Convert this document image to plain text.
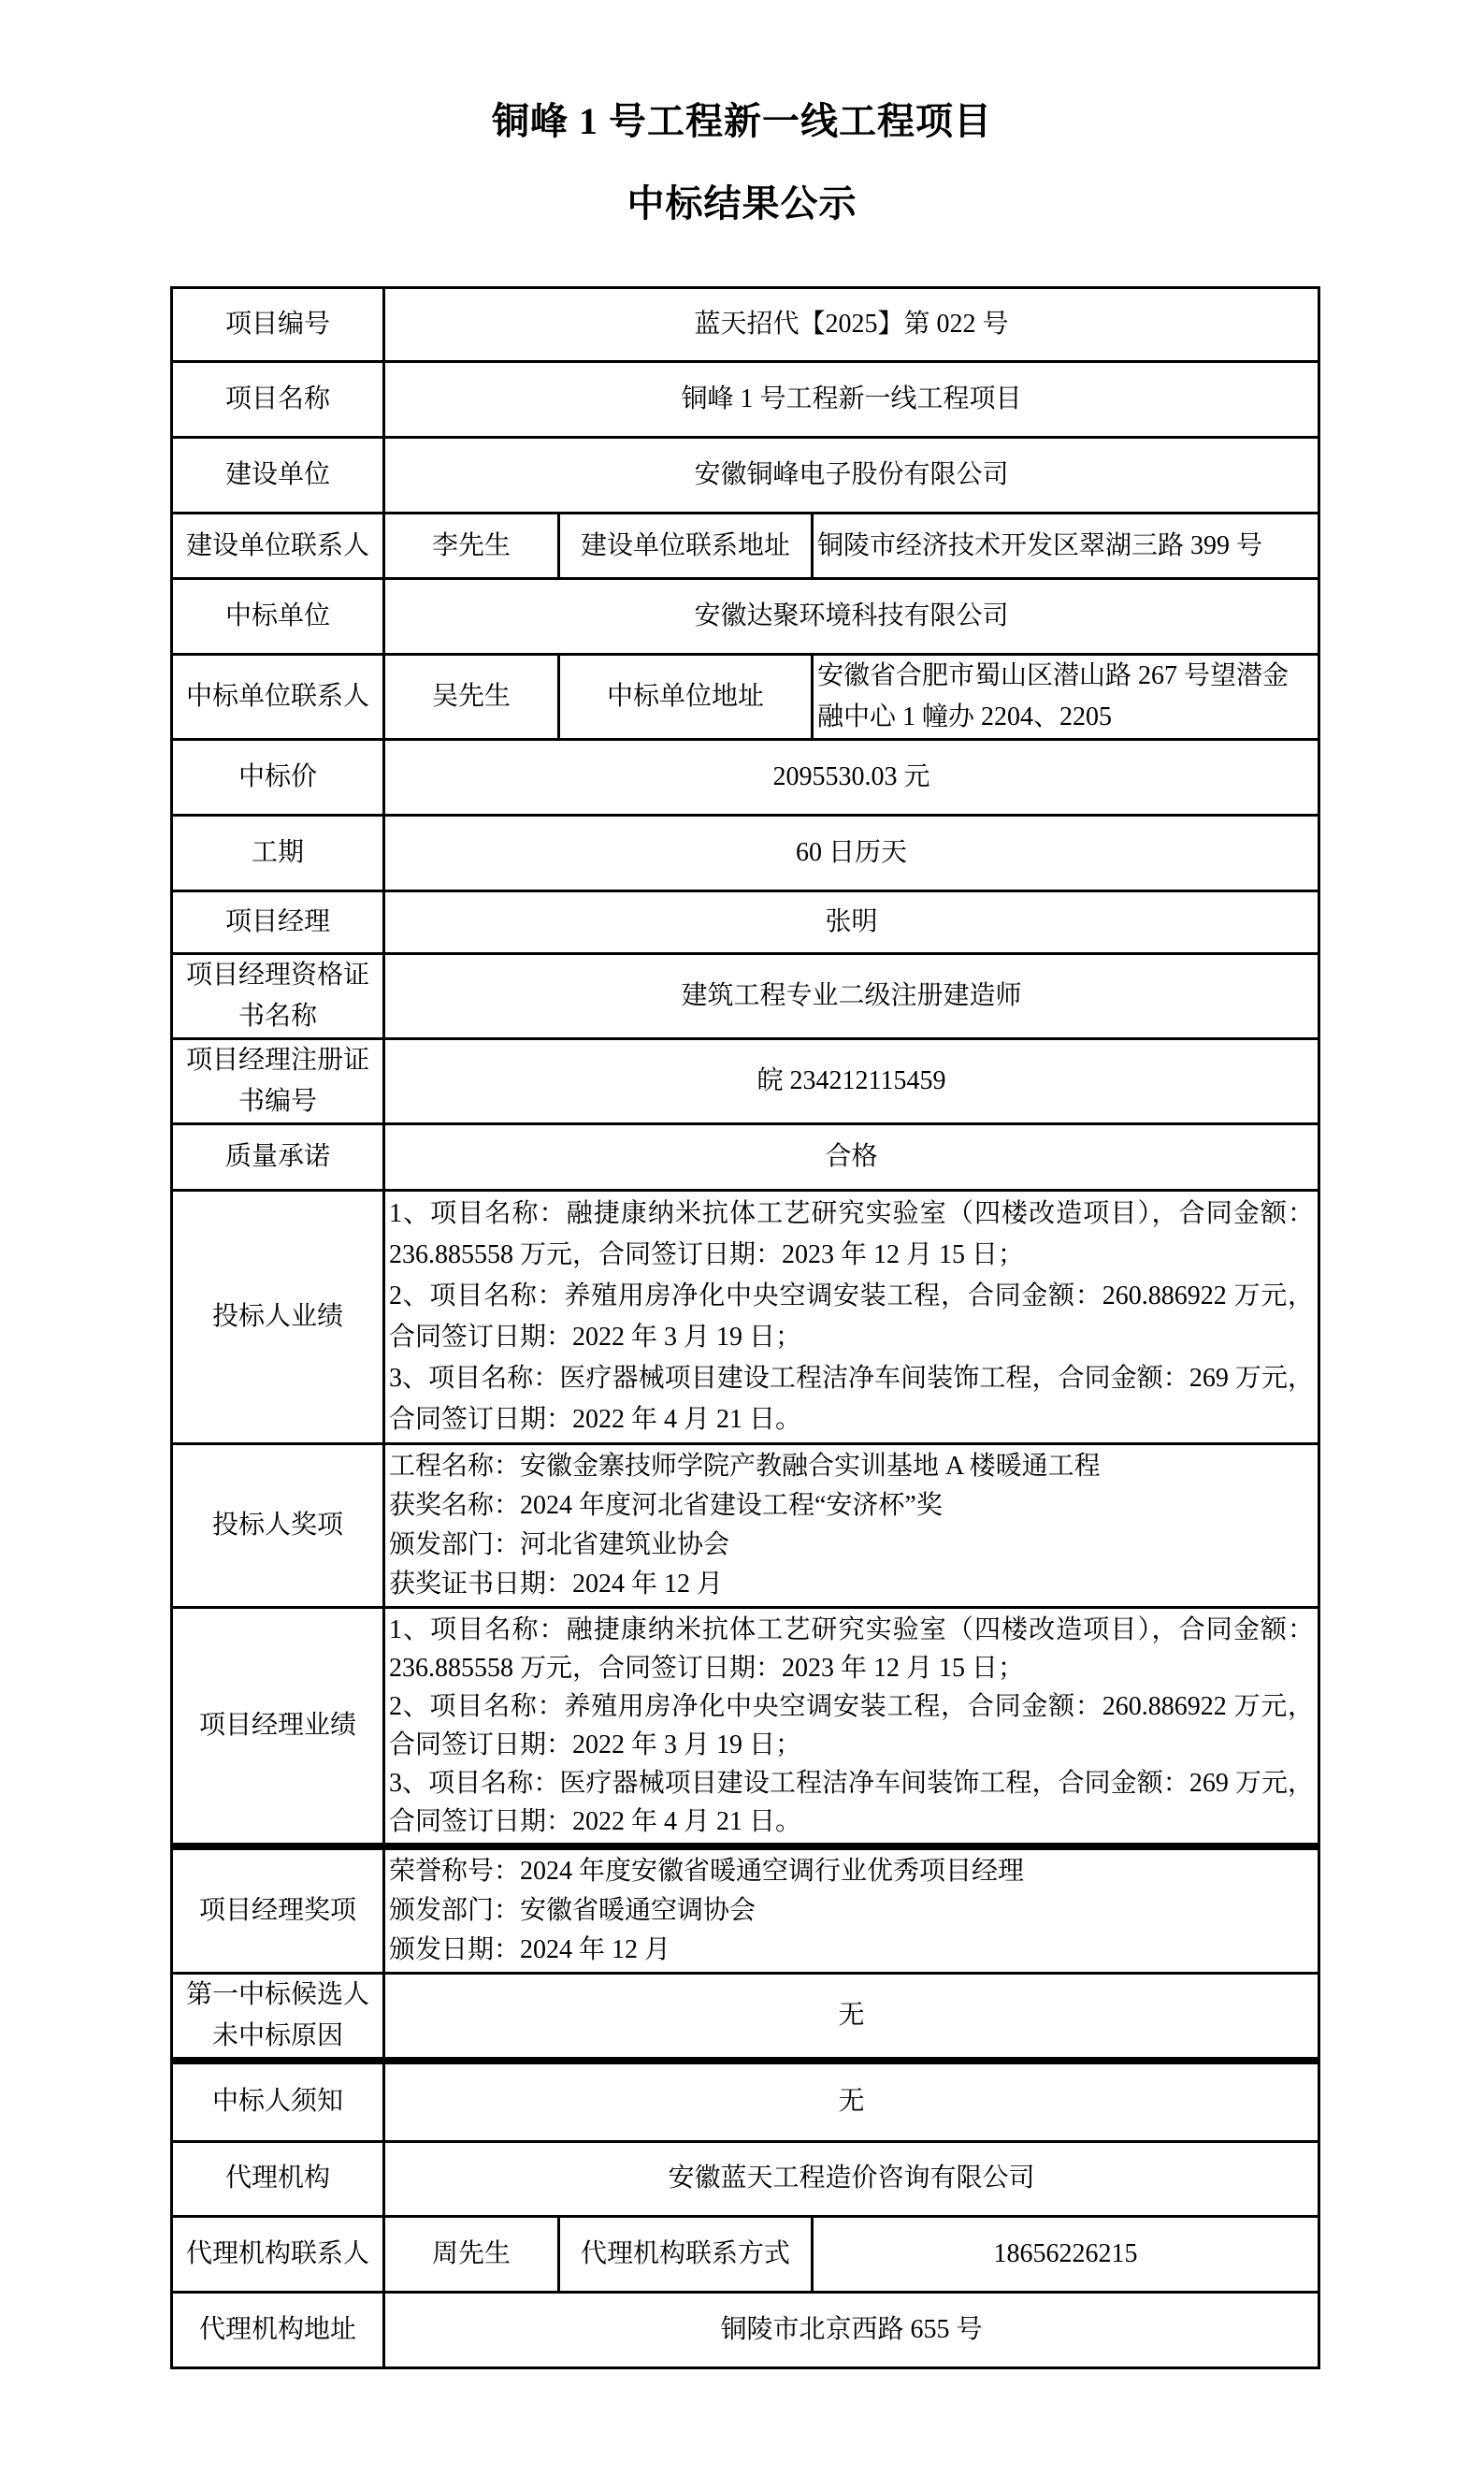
铜峰 1 号工程新一线工程项目
中标结果公示
项目编号	蓝天招代【2025】第 022 号		
项目名称	铜峰 1 号工程新一线工程项目		
建设单位	安徽铜峰电子股份有限公司		
建设单位联系人	李先生	建设单位联系地址	铜陵市经济技术开发区翠湖三路 399 号
中标单位	安徽达聚环境科技有限公司		
中标单位联系人	吴先生	中标单位地址	安徽省合肥市蜀山区潜山路 267 号望潜金融中心 1 幢办 2204、2205
中标价	2095530.03 元		
工期	60 日历天		
项目经理	张明		
项目经理资格证书名称	建筑工程专业二级注册建造师		
项目经理注册证书编号	皖 234212115459		
质量承诺	合格		
投标人业绩	1、项目名称：融捷康纳米抗体工艺研究实验室（四楼改造项目），合同金额：236.885558 万元，合同签订日期：2023 年 12 月 15 日；

2、项目名称：养殖用房净化中央空调安装工程，合同金额：260.886922 万元，合同签订日期：2022 年 3 月 19 日；

3、项目名称：医疗器械项目建设工程洁净车间装饰工程，合同金额：269 万元，合同签订日期：2022 年 4 月 21 日。		

投标人奖项	工程名称：安徽金寨技师学院产教融合实训基地 A 楼暖通工程

获奖名称：2024 年度河北省建设工程“安济杯”奖

颁发部门：河北省建筑业协会

获奖证书日期：2024 年 12 月		

项目经理业绩	1、项目名称：融捷康纳米抗体工艺研究实验室（四楼改造项目），合同金额：236.885558 万元，合同签订日期：2023 年 12 月 15 日；

2、项目名称：养殖用房净化中央空调安装工程，合同金额：260.886922 万元，合同签订日期：2022 年 3 月 19 日；

3、项目名称：医疗器械项目建设工程洁净车间装饰工程，合同金额：269 万元，合同签订日期：2022 年 4 月 21 日。		

项目经理奖项	荣誉称号：2024 年度安徽省暖通空调行业优秀项目经理

颁发部门：安徽省暖通空调协会

颁发日期：2024 年 12 月		

第一中标候选人未中标原因	无		
中标人须知	无		
代理机构	安徽蓝天工程造价咨询有限公司		
代理机构联系人	周先生	代理机构联系方式	18656226215
代理机构地址	铜陵市北京西路 655 号		
